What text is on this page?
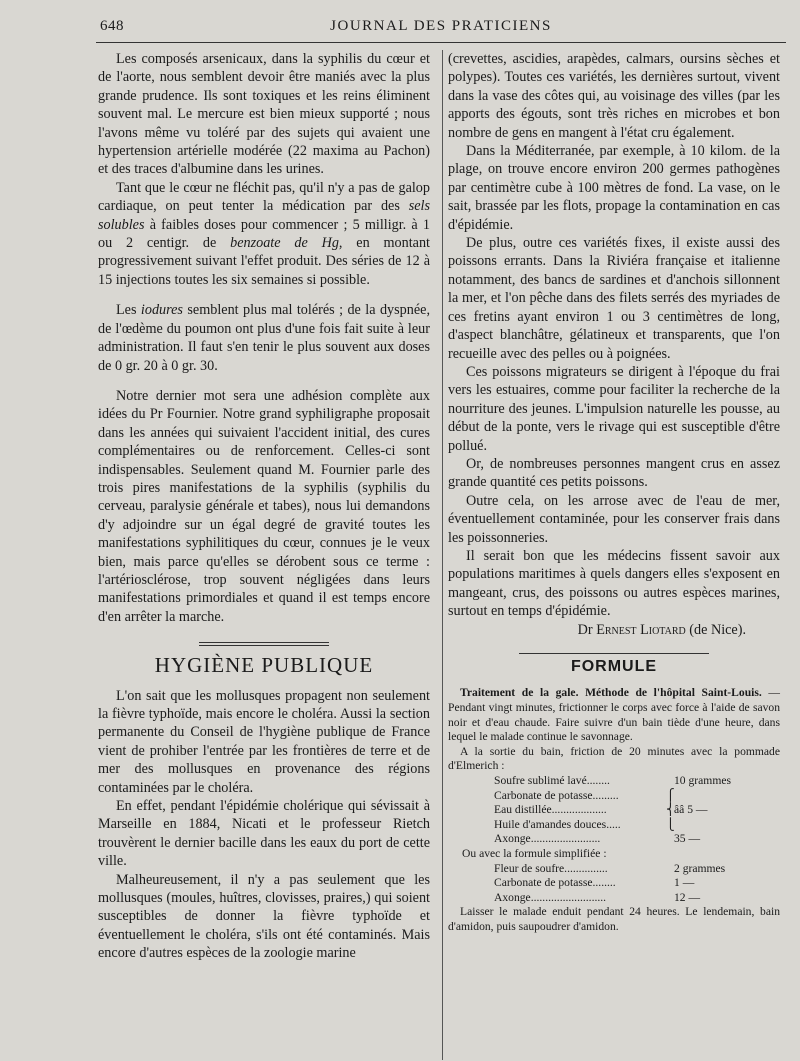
648	JOURNAL DES PRATICIENS

Les composés arsenicaux, dans la syphilis du cœur et de l'aorte, nous semblent devoir être maniés avec la plus grande prudence. Ils sont toxiques et les reins éliminent souvent mal. Le mercure est bien mieux supporté ; nous l'avons même vu toléré par des sujets qui avaient une hypertension artérielle modérée (22 maxima au Pachon) et des traces d'albumine dans les urines.

Tant que le cœur ne fléchit pas, qu'il n'y a pas de galop cardiaque, on peut tenter la médication par des sels solubles à faibles doses pour commencer ; 5 milligr. à 1 ou 2 centigr. de benzoate de Hg, en montant progressivement suivant l'effet produit. Des séries de 12 à 15 injections toutes les six semaines si possible.

Les iodures semblent plus mal tolérés ; de la dyspnée, de l'œdème du poumon ont plus d'une fois fait suite à leur administration. Il faut s'en tenir le plus souvent aux doses de 0 gr. 20 à 0 gr. 30.

Notre dernier mot sera une adhésion complète aux idées du Pr Fournier. Notre grand syphiligraphe proposait dans les années qui suivaient l'accident initial, des cures complémentaires ou de renforcement. Celles-ci sont indispensables. Seulement quand M. Fournier parle des trois pires manifestations de la syphilis (syphilis du cerveau, paralysie générale et tabes), nous lui demandons d'y adjoindre sur un égal degré de gravité toutes les manifestations syphilitiques du cœur, connues je le veux bien, mais parce qu'elles se dérobent sous ce terme : l'artériosclérose, trop souvent négligées dans leurs manifestations primordiales et quand il est temps encore d'en arrêter la marche.

HYGIÈNE PUBLIQUE

L'on sait que les mollusques propagent non seulement la fièvre typhoïde, mais encore le choléra. Aussi la section permanente du Conseil de l'hygiène publique de France vient de prohiber l'entrée par les frontières de terre et de mer des mollusques en provenance des régions contaminées par le choléra.

En effet, pendant l'épidémie cholérique qui sévissait à Marseille en 1884, Nicati et le professeur Rietch trouvèrent le dernier bacille dans les eaux du port de cette ville.

Malheureusement, il n'y a pas seulement que les mollusques (moules, huîtres, clovisses, praires,) qui soient susceptibles de donner la fièvre typhoïde et éventuellement le choléra, s'ils ont été contaminés. Mais encore d'autres espèces de la zoologie marine

(crevettes, ascidies, arapèdes, calmars, oursins sèches et polypes). Toutes ces variétés, les dernières surtout, vivent dans la vase des côtes qui, au voisinage des villes (par les apports des égouts, sont très riches en microbes et bon nombre de gens en mangent à l'état cru également.

Dans la Méditerranée, par exemple, à 10 kilom. de la plage, on trouve encore environ 200 germes pathogènes par centimètre cube à 100 mètres de fond. La vase, on le sait, brassée par les flots, propage la contamination en cas d'épidémie.

De plus, outre ces variétés fixes, il existe aussi des poissons errants. Dans la Riviéra française et italienne notamment, des bancs de sardines et d'anchois sillonnent la mer, et l'on pêche dans des filets serrés des myriades de ces fretins ayant environ 1 ou 3 centimètres de long, d'aspect blanchâtre, gélatineux et transparents, que l'on recueille avec des pelles ou à poignées.

Ces poissons migrateurs se dirigent à l'époque du frai vers les estuaires, comme pour faciliter la recherche de la nourriture des jeunes. L'impulsion naturelle les pousse, au début de la ponte, vers le rivage qui est susceptible d'être pollué.

Or, de nombreuses personnes mangent crus en assez grande quantité ces petits poissons.

Outre cela, on les arrose avec de l'eau de mer, éventuellement contaminée, pour les conserver frais dans les poissonneries.

Il serait bon que les médecins fissent savoir aux populations maritimes à quels dangers elles s'exposent en mangeant, crus, des poissons ou autres espèces marines, surtout en temps d'épidémie.

Dr Ernest Liotard (de Nice).

FORMULE

Traitement de la gale. Méthode de l'hôpital Saint-Louis. — Pendant vingt minutes, frictionner le corps avec force à l'aide de savon noir et d'eau chaude. Faire suivre d'un bain tiède d'une heure, dans lequel le malade continue le savonnage.

A la sortie du bain, friction de 20 minutes avec la pommade d'Elmerich :

Soufre sublimé lavé........	10 grammes
Carbonate de potasse.........	⎧
Eau distillée...................	⎨ ââ 5 —
Huile d'amandes douces.....	⎩
Axonge........................	35 —
Ou avec la formule simplifiée :
Fleur de soufre...............	2 grammes
Carbonate de potasse........	1 —
Axonge..........................	12 —

Laisser le malade enduit pendant 24 heures. Le lendemain, bain d'amidon, puis saupoudrer d'amidon.
